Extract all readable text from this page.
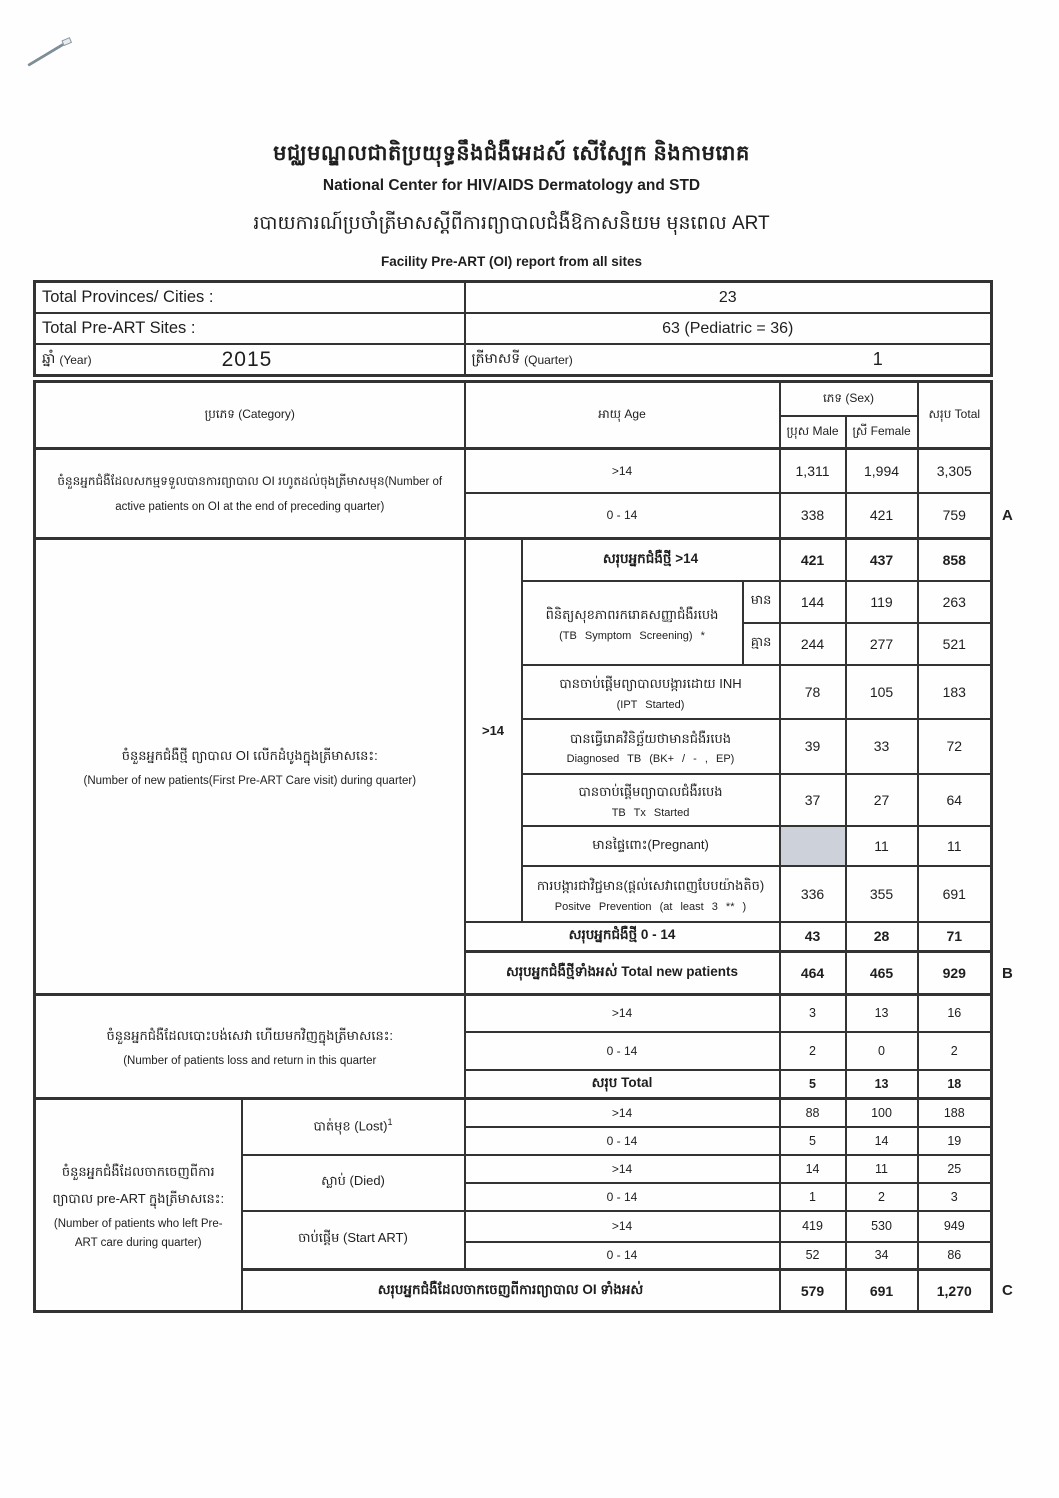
មជ្ឈមណ្ឌលជាតិប្រយុទ្ធនឹងជំងឺអេដស៍ សើស្បែក និងកាមរោគ
National Center for HIV/AIDS Dermatology and STD
របាយការណ៍ប្រចាំត្រីមាសស្តីពីការព្យាបាលជំងឺឱកាសនិយម មុនពេល ART
Facility Pre-ART (OI) report from all sites
Total Provinces/ Cities :	23
Total Pre-ART Sites :	63 (Pediatric = 36)

ឆ្នាំ (Year) 2015	ត្រីមាសទី (Quarter) 1
ប្រភេទ (Category)		អាយុ Age			ភេទ (Sex)		សរុប Total	
					ប្រុស Male	ស្រី Female		

ចំនួនអ្នកជំងឺដែលសកម្មទទួលបានការព្យាបាល OI រហូតដល់ចុងត្រីមាសមុន(Number of active patients on OI at the end of preceding quarter)		>14			1,311	1,994	3,305	
		0 - 14			338	421	759	A

ចំនួនអ្នកជំងឺថ្មី ព្យាបាល OI លើកដំបូងក្នុងត្រីមាសនេះ:
(Number of new patients(First Pre-ART Care visit) during quarter)		>14	សរុបអ្នកជំងឺថ្មី >14		421	437	858	

			ពិនិត្យសុខភាពរករោគសញ្ញាជំងឺរបេង
(TB Symptom Screening) *	មាន	144	119	263	
				គ្មាន	244	277	521	

			បានចាប់ផ្តើមព្យាបាលបង្ការដោយ INH
(IPT Started)		78	105	183	

			បានធ្វើរោគវិនិច្ឆ័យថាមានជំងឺរបេង
Diagnosed TB (BK+ / - , EP)		39	33	72	

			បានចាប់ផ្តើមព្យាបាលជំងឺរបេង
TB Tx Started		37	27	64	

			មានផ្ទៃពោះ(Pregnant)			11	11	

			ការបង្ការជាវិជ្ជមាន(ផ្តល់សេវាពេញបែបយ៉ាងតិច)
Positve Prevention (at least 3 ** )		336	355	691	
		សរុបអ្នកជំងឺថ្មី 0 - 14			43	28	71	
		សរុបអ្នកជំងឺថ្មីទាំងអស់ Total new patients			464	465	929	B

ចំនួនអ្នកជំងឺដែលបោះបង់សេវា ហើយមកវិញក្នុងត្រីមាសនេះ:
(Number of patients loss and return in this quarter		>14			3	13	16	
		0 - 14			2	0	2	
		សរុប Total			5	13	18	

ចំនួនអ្នកជំងឺដែលចាកចេញពីការ ព្យាបាល pre-ART ក្នុងត្រីមាសនេះ:
(Number of patients who left Pre-ART care during quarter)	បាត់មុខ (Lost)$^1$	>14			88	100	188	
		0 - 14			5	14	19	
	ស្លាប់ (Died)	>14			14	11	25	
		0 - 14			1	2	3	
	ចាប់ផ្តើម (Start ART)	>14			419	530	949	
		0 - 14			52	34	86	
	សរុបអ្នកជំងឺដែលចាកចេញពីការព្យាបាល OI ទាំងអស់				579	691	1,270	C
